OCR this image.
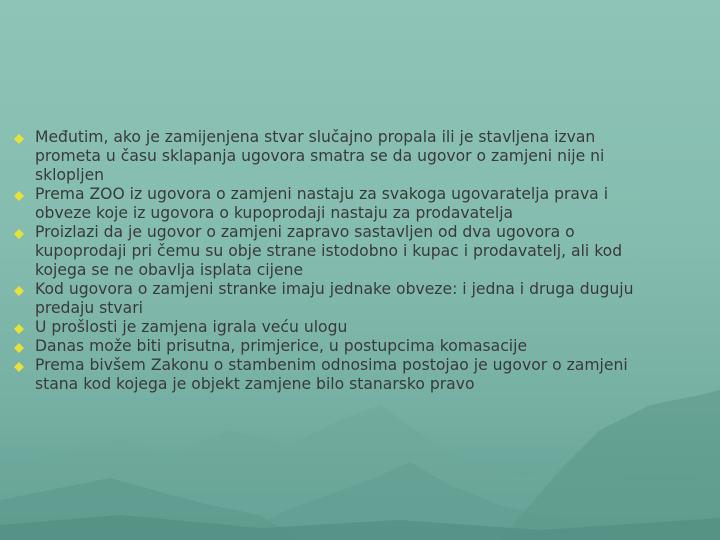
Međutim, ako je zamijenjena stvar slučajno propala ili je stavljena izvan prometa u času sklapanja ugovora smatra se da ugovor o zamjeni nije ni sklopljen
Prema ZOO iz ugovora o zamjeni nastaju za svakoga ugovaratelja prava i obveze koje iz ugovora o kupoprodaji nastaju za prodavatelja
Proizlazi da je ugovor o zamjeni zapravo sastavljen od dva ugovora o kupoprodaji pri čemu su obje strane istodobno i kupac i prodavatelj, ali kod kojega se ne obavlja isplata cijene
Kod ugovora o zamjeni stranke imaju jednake obveze: i jedna i druga duguju predaju stvari
U prošlosti je zamjena igrala veću ulogu
Danas može biti prisutna, primjerice, u postupcima komasacije
Prema bivšem Zakonu o stambenim odnosima postojao je ugovor o zamjeni stana kod kojega je objekt zamjene bilo stanarsko pravo
